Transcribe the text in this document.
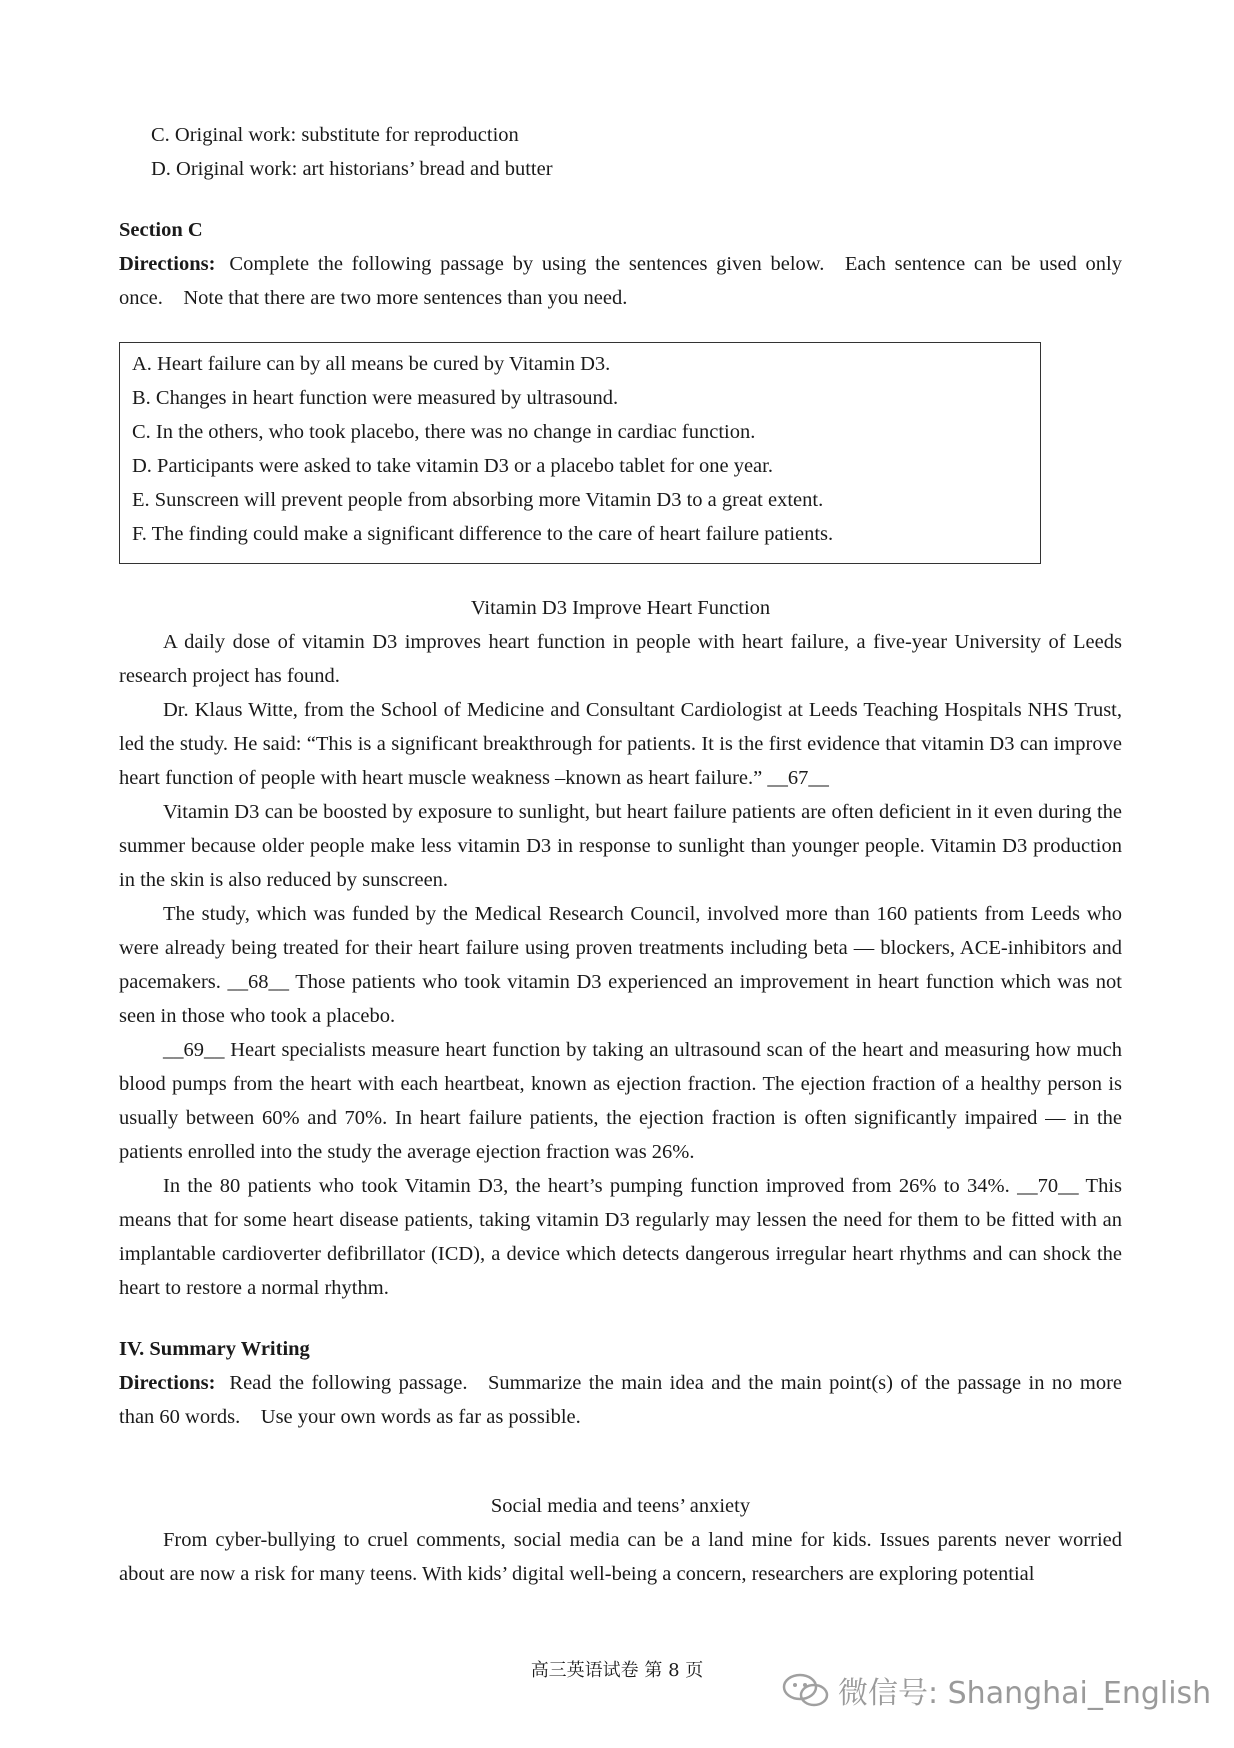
C. Original work: substitute for reproduction
D. Original work: art historians’ bread and butter
Section C
Directions: Complete the following passage by using the sentences given below. Each sentence can be used only once. Note that there are two more sentences than you need.
A. Heart failure can by all means be cured by Vitamin D3.
B. Changes in heart function were measured by ultrasound.
C. In the others, who took placebo, there was no change in cardiac function.
D. Participants were asked to take vitamin D3 or a placebo tablet for one year.
E. Sunscreen will prevent people from absorbing more Vitamin D3 to a great extent.
F. The finding could make a significant difference to the care of heart failure patients.
Vitamin D3 Improve Heart Function
A daily dose of vitamin D3 improves heart function in people with heart failure, a five-year University of Leeds research project has found.
Dr. Klaus Witte, from the School of Medicine and Consultant Cardiologist at Leeds Teaching Hospitals NHS Trust, led the study. He said: “This is a significant breakthrough for patients. It is the first evidence that vitamin D3 can improve heart function of people with heart muscle weakness –known as heart failure.” __67__
Vitamin D3 can be boosted by exposure to sunlight, but heart failure patients are often deficient in it even during the summer because older people make less vitamin D3 in response to sunlight than younger people. Vitamin D3 production in the skin is also reduced by sunscreen.
The study, which was funded by the Medical Research Council, involved more than 160 patients from Leeds who were already being treated for their heart failure using proven treatments including beta — blockers, ACE-inhibitors and pacemakers. __68__ Those patients who took vitamin D3 experienced an improvement in heart function which was not seen in those who took a placebo.
__69__ Heart specialists measure heart function by taking an ultrasound scan of the heart and measuring how much blood pumps from the heart with each heartbeat, known as ejection fraction. The ejection fraction of a healthy person is usually between 60% and 70%. In heart failure patients, the ejection fraction is often significantly impaired — in the patients enrolled into the study the average ejection fraction was 26%.
In the 80 patients who took Vitamin D3, the heart’s pumping function improved from 26% to 34%. __70__ This means that for some heart disease patients, taking vitamin D3 regularly may lessen the need for them to be fitted with an implantable cardioverter defibrillator (ICD), a device which detects dangerous irregular heart rhythms and can shock the heart to restore a normal rhythm.
IV. Summary Writing
Directions: Read the following passage. Summarize the main idea and the main point(s) of the passage in no more than 60 words. Use your own words as far as possible.
Social media and teens’ anxiety
From cyber-bullying to cruel comments, social media can be a land mine for kids. Issues parents never worried about are now a risk for many teens. With kids’ digital well-being a concern, researchers are exploring potential
高三英语试卷 第 8 页
微信号: Shanghai_English
